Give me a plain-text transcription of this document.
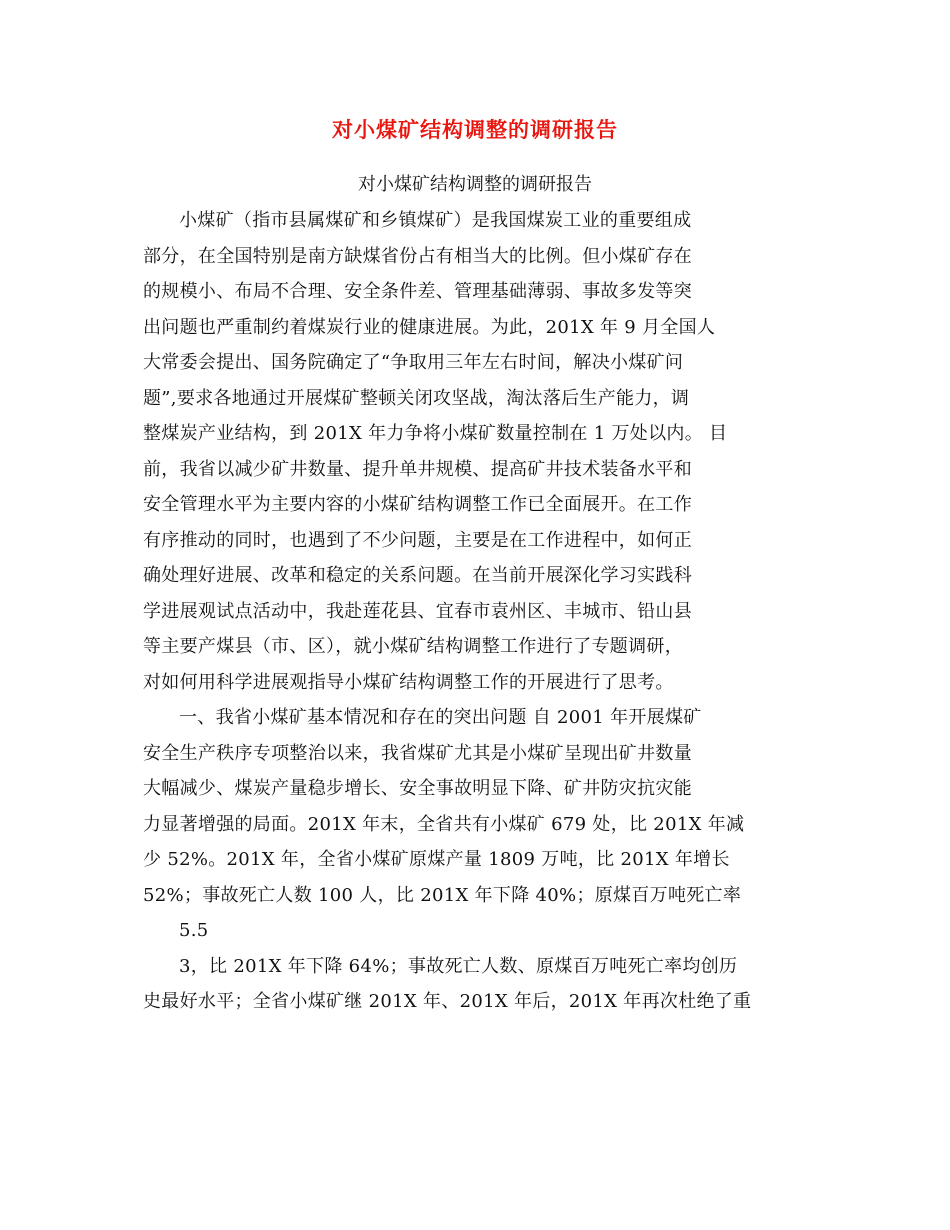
对小煤矿结构调整的调研报告

对小煤矿结构调整的调研报告

小煤矿（指市县属煤矿和乡镇煤矿）是我国煤炭工业的重要组成
部分，在全国特别是南方缺煤省份占有相当大的比例。但小煤矿存在
的规模小、布局不合理、安全条件差、管理基础薄弱、事故多发等突
出问题也严重制约着煤炭行业的健康进展。为此，201X 年 9 月全国人
大常委会提出、国务院确定了“争取用三年左右时间，解决小煤矿问
题”,要求各地通过开展煤矿整顿关闭攻坚战，淘汰落后生产能力，调
整煤炭产业结构，到 201X 年力争将小煤矿数量控制在 1 万处以内。 目
前，我省以减少矿井数量、提升单井规模、提高矿井技术装备水平和
安全管理水平为主要内容的小煤矿结构调整工作已全面展开。在工作
有序推动的同时，也遇到了不少问题，主要是在工作进程中，如何正
确处理好进展、改革和稳定的关系问题。在当前开展深化学习实践科
学进展观试点活动中，我赴莲花县、宜春市袁州区、丰城市、铅山县
等主要产煤县（市、区），就小煤矿结构调整工作进行了专题调研，
对如何用科学进展观指导小煤矿结构调整工作的开展进行了思考。

一、我省小煤矿基本情况和存在的突出问题 自 2001 年开展煤矿
安全生产秩序专项整治以来，我省煤矿尤其是小煤矿呈现出矿井数量
大幅减少、煤炭产量稳步增长、安全事故明显下降、矿井防灾抗灾能
力显著增强的局面。201X 年末，全省共有小煤矿 679 处，比 201X 年减
少 52%。201X 年，全省小煤矿原煤产量 1809 万吨，比 201X 年增长
52%；事故死亡人数 100 人，比 201X 年下降 40%；原煤百万吨死亡率

5.5

3，比 201X 年下降 64%；事故死亡人数、原煤百万吨死亡率均创历
史最好水平；全省小煤矿继 201X 年、201X 年后，201X 年再次杜绝了重
